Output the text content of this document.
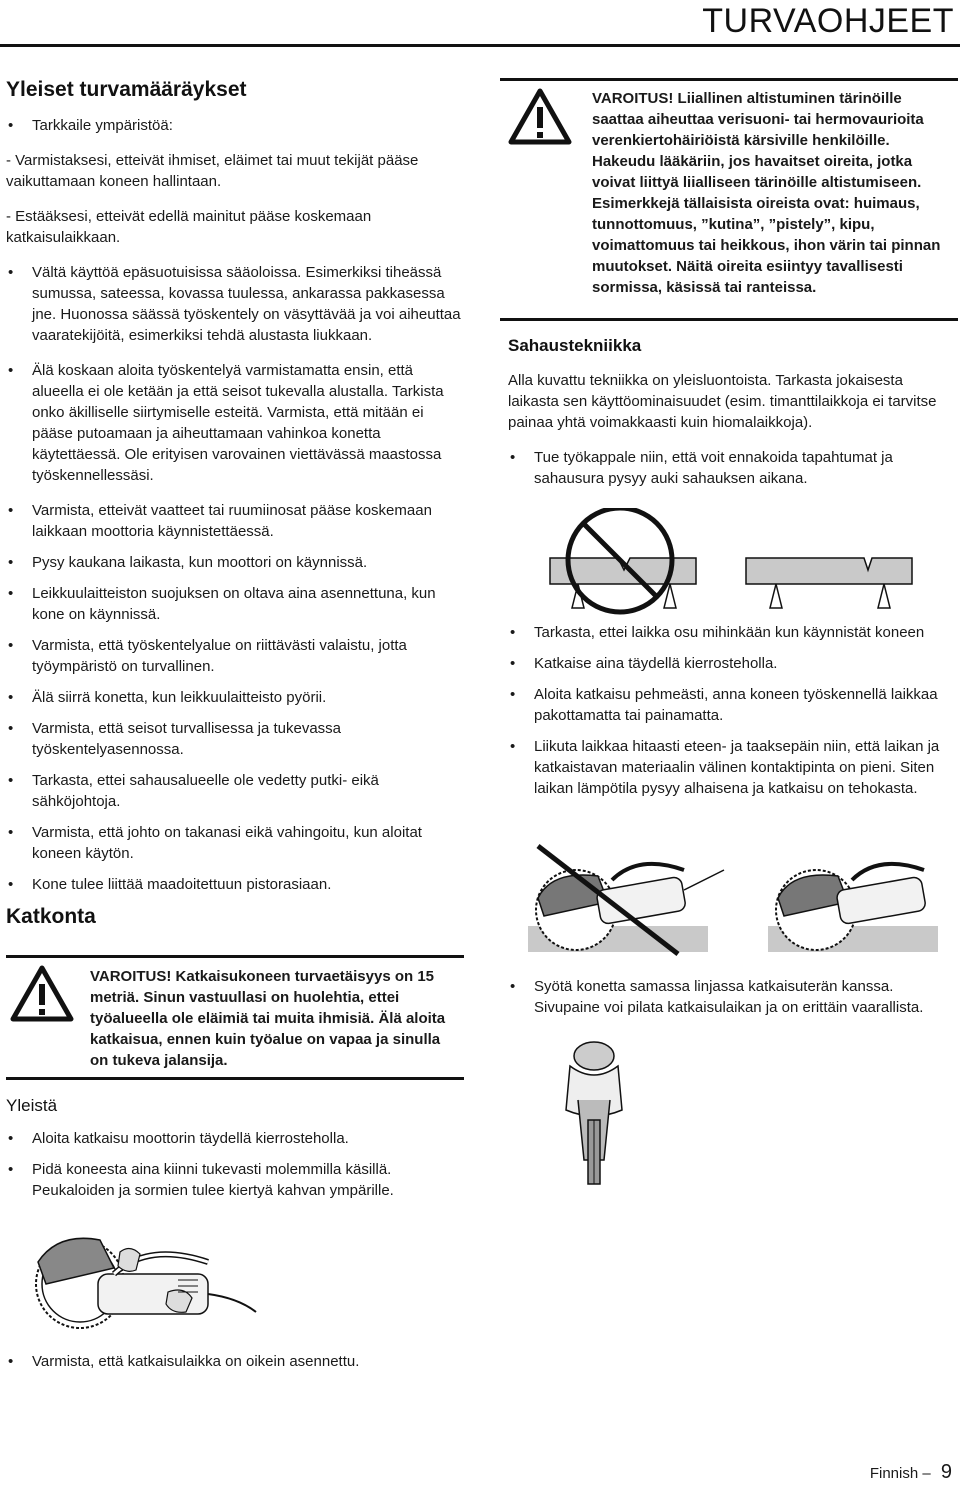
TURVAOHJEET
Yleiset turvamääräykset
• Tarkkaile ympäristöä:

- Varmistaksesi, etteivät ihmiset, eläimet tai muut tekijät pääse vaikuttamaan koneen hallintaan.

- Estääksesi, etteivät edellä mainitut pääse koskemaan katkaisulaikkaan.

• Vältä käyttöä epäsuotuisissa sääoloissa. Esimerkiksi tiheässä sumussa, sateessa, kovassa tuulessa, ankarassa pakkasessa jne. Huonossa säässä työskentely on väsyttävää ja voi aiheuttaa vaaratekijöitä, esimerkiksi tehdä alustasta liukkaan.
• Älä koskaan aloita työskentelyä varmistamatta ensin, että alueella ei ole ketään ja että seisot tukevalla alustalla. Tarkista onko äkilliselle siirtymiselle esteitä. Varmista, että mitään ei pääse putoamaan ja aiheuttamaan vahinkoa konetta käytettäessä. Ole erityisen varovainen viettävässä maastossa työskennellessäsi.
• Varmista, etteivät vaatteet tai ruumiinosat pääse koskemaan laikkaan moottoria käynnistettäessä.
• Pysy kaukana laikasta, kun moottori on käynnissä.
• Leikkuulaitteiston suojuksen on oltava aina asennettuna, kun kone on käynnissä.
• Varmista, että työskentelyalue on riittävästi valaistu, jotta työympäristö on turvallinen.
• Älä siirrä konetta, kun leikkuulaitteisto pyörii.
• Varmista, että seisot turvallisessa ja tukevassa työskentelyasennossa.
• Tarkasta, ettei sahausalueelle ole vedetty putki- eikä sähköjohtoja.
• Varmista, että johto on takanasi eikä vahingoitu, kun aloitat koneen käytön.
• Kone tulee liittää maadoitettuun pistorasiaan.
Katkonta
VAROITUS! Katkaisukoneen turvaetäisyys on 15 metriä. Sinun vastuullasi on huolehtia, ettei työalueella ole eläimiä tai muita ihmisiä. Älä aloita katkaisua, ennen kuin työalue on vapaa ja sinulla on tukeva jalansija.
Yleistä
• Aloita katkaisu moottorin täydellä kierrosteholla.
• Pidä koneesta aina kiinni tukevasti molemmilla käsillä. Peukaloiden ja sormien tulee kiertyä kahvan ympärille.
• Varmista, että katkaisulaikka on oikein asennettu.
VAROITUS! Liiallinen altistuminen tärinöille saattaa aiheuttaa verisuoni- tai hermovaurioita verenkiertohäiriöistä kärsiville henkilöille. Hakeudu lääkäriin, jos havaitset oireita, jotka voivat liittyä liialliseen tärinöille altistumiseen. Esimerkkejä tällaisista oireista ovat: huimaus, tunnottomuus, ”kutina”, ”pistely”, kipu, voimattomuus tai heikkous, ihon värin tai pinnan muutokset. Näitä oireita esiintyy tavallisesti sormissa, käsissä tai ranteissa.
Sahaustekniikka

Alla kuvattu tekniikka on yleisluontoista. Tarkasta jokaisesta laikasta sen käyttöominaisuudet (esim. timanttilaikkoja ei tarvitse painaa yhtä voimakkaasti kuin hiomalaikkoja).

• Tue työkappale niin, että voit ennakoida tapahtumat ja sahausura pysyy auki sahauksen aikana.
• Tarkasta, ettei laikka osu mihinkään kun käynnistät koneen
• Katkaise aina täydellä kierrosteholla.
• Aloita katkaisu pehmeästi, anna koneen työskennellä laikkaa pakottamatta tai painamatta.
• Liikuta laikkaa hitaasti eteen- ja taaksepäin niin, että laikan ja katkaistavan materiaalin välinen kontaktipinta on pieni. Siten laikan lämpötila pysyy alhaisena ja katkaisu on tehokasta.
• Syötä konetta samassa linjassa katkaisuterän kanssa. Sivupaine voi pilata katkaisulaikan ja on erittäin vaarallista.
Finnish – 9
